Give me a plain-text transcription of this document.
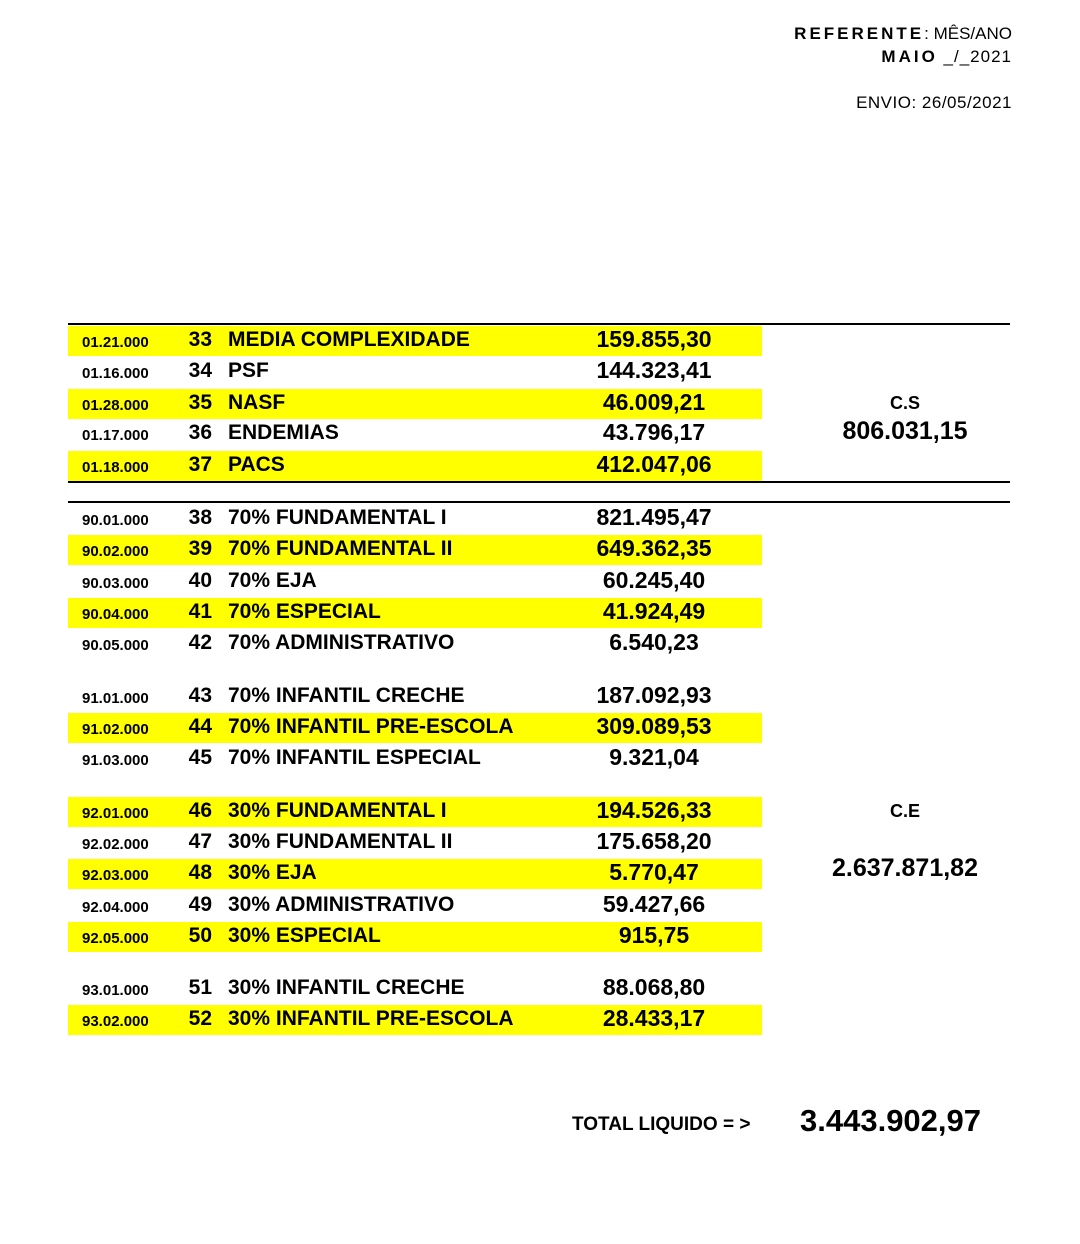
REFERENTE: MÊS/ANO
MAIO _/_2021
ENVIO: 26/05/2021
01.21.000	33 MEDIA COMPLEXIDADE	159.855,30
01.16.000	34 PSF	144.323,41
01.28.000	35 NASF	46.009,21
01.17.000	36 ENDEMIAS	43.796,17
01.18.000	37 PACS	412.047,06
90.01.000	38 70% FUNDAMENTAL I	821.495,47
90.02.000	39 70% FUNDAMENTAL II	649.362,35
90.03.000	40 70% EJA	60.245,40
90.04.000	41 70% ESPECIAL	41.924,49
90.05.000	42 70% ADMINISTRATIVO	6.540,23
91.01.000	43 70% INFANTIL CRECHE	187.092,93
91.02.000	44 70% INFANTIL PRE-ESCOLA	309.089,53
91.03.000	45 70% INFANTIL ESPECIAL	9.321,04
92.01.000	46 30% FUNDAMENTAL I	194.526,33
92.02.000	47 30% FUNDAMENTAL II	175.658,20
92.03.000	48 30% EJA	5.770,47
92.04.000	49 30% ADMINISTRATIVO	59.427,66
92.05.000	50 30% ESPECIAL	915,75
93.01.000	51 30% INFANTIL CRECHE	88.068,80
93.02.000	52 30% INFANTIL PRE-ESCOLA	28.433,17
C.S
806.031,15
C.E
2.637.871,82
TOTAL LIQUIDO = > 3.443.902,97
